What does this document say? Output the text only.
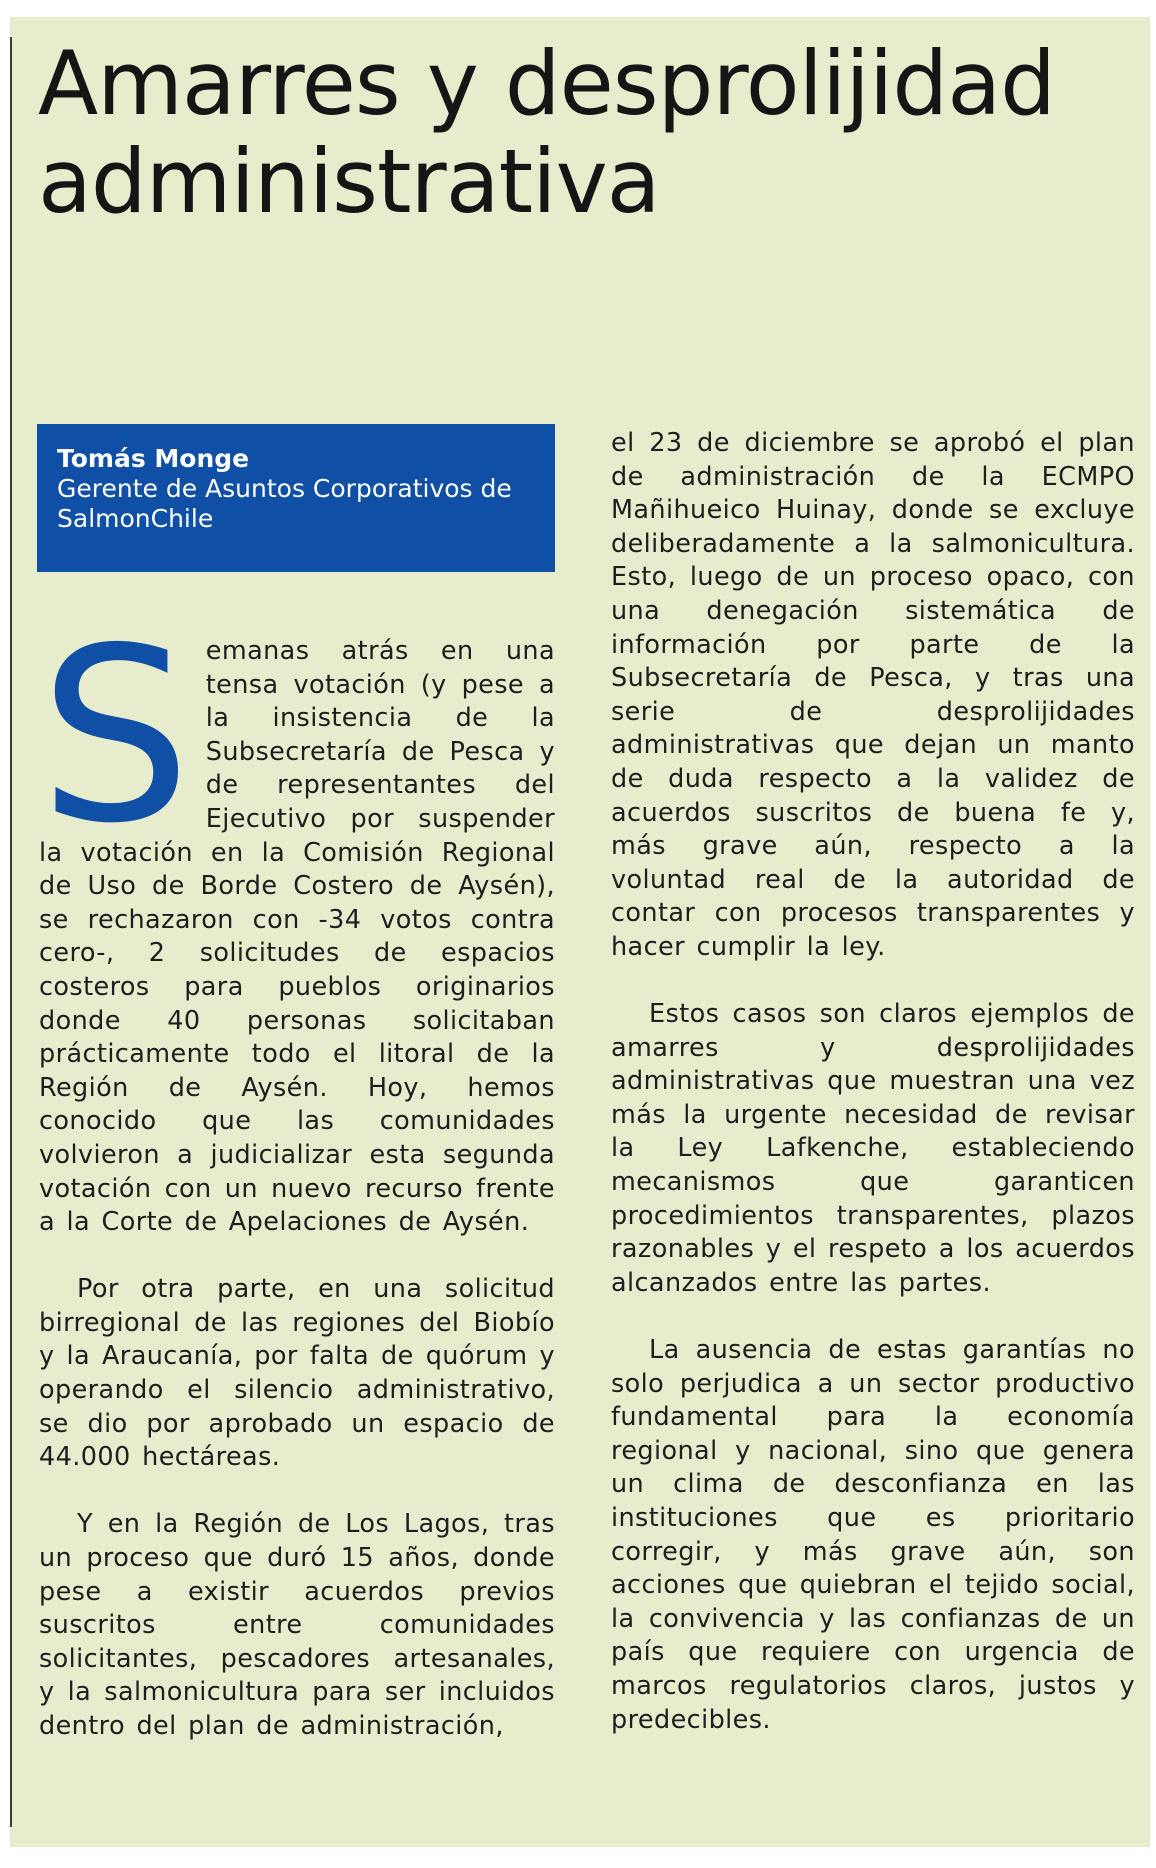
Amarres y desprolijidad administrativa
Tomás Monge
Gerente de Asuntos Corporativos de SalmonChile

Semanas atrás en una tensa votación (y pese a la insistencia de la Subsecretaría de Pesca y de representantes del Ejecutivo por suspender la votación en la Comisión Regional de Uso de Borde Costero de Aysén), se rechazaron con -34 votos contra cero-, 2 solicitudes de espacios costeros para pueblos originarios donde 40 personas solicitaban prácticamente todo el litoral de la Región de Aysén. Hoy, hemos conocido que las comunidades volvieron a judicializar esta segunda votación con un nuevo recurso frente a la Corte de Apelaciones de Aysén.

Por otra parte, en una solicitud birregional de las regiones del Biobío y la Araucanía, por falta de quórum y operando el silencio administrativo, se dio por aprobado un espacio de 44.000 hectáreas.

Y en la Región de Los Lagos, tras un proceso que duró 15 años, donde pese a existir acuerdos previos suscritos entre comunidades solicitantes, pescadores artesanales, y la salmonicultura para ser incluidos dentro del plan de administración,

el 23 de diciembre se aprobó el plan de administración de la ECMPO Mañihueico Huinay, donde se excluye deliberadamente a la salmonicultura. Esto, luego de un proceso opaco, con una denegación sistemática de información por parte de la Subsecretaría de Pesca, y tras una serie de desprolijidades administrativas que dejan un manto de duda respecto a la validez de acuerdos suscritos de buena fe y, más grave aún, respecto a la voluntad real de la autoridad de contar con procesos transparentes y hacer cumplir la ley.

Estos casos son claros ejemplos de amarres y desprolijidades administrativas que muestran una vez más la urgente necesidad de revisar la Ley Lafkenche, estableciendo mecanismos que garanticen procedimientos transparentes, plazos razonables y el respeto a los acuerdos alcanzados entre las partes.

La ausencia de estas garantías no solo perjudica a un sector productivo fundamental para la economía regional y nacional, sino que genera un clima de desconfianza en las instituciones que es prioritario corregir, y más grave aún, son acciones que quiebran el tejido social, la convivencia y las confianzas de un país que requiere con urgencia de marcos regulatorios claros, justos y predecibles.
